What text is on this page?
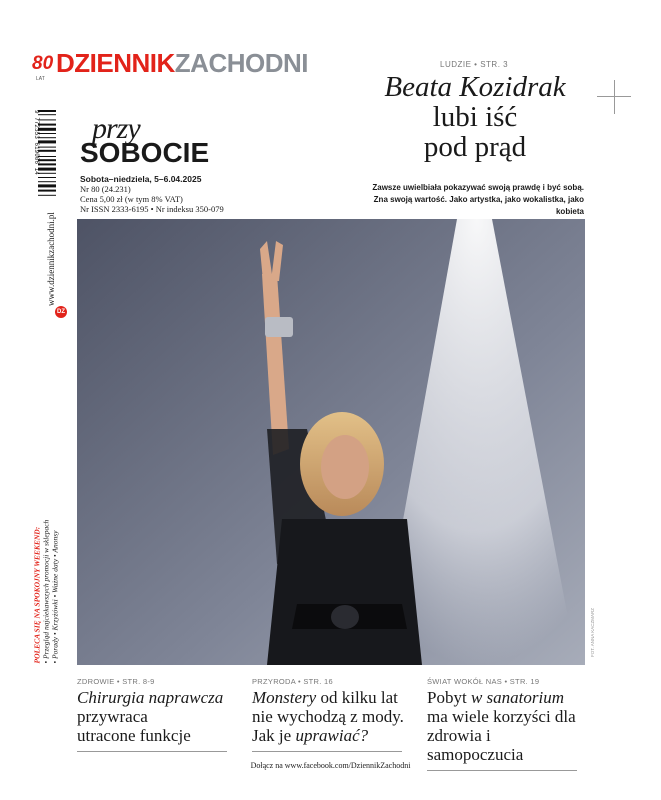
80 DZIENNIKZACHODNI
LAT
LUDZIE • STR. 3
Beata Kozidrak
lubi iść
pod prąd
Zawsze uwielbiała pokazywać swoją prawdę i być sobą.
Zna swoją wartość. Jako artystka, jako wokalistka, jako kobieta
przy
SOBOCIE
Sobota–niedziela, 5–6.04.2025
Nr 80 (24.231)
Cena 5,00 zł (w tym 8% VAT)
Nr ISSN 2333-6195 • Nr indeksu 350-079
9 772353 619006 14
www.dziennikzachodni.pl
DZ
POLECA SIĘ NA SPOKOJNY WEEKEND: • Przegląd najciekawszych promocji w sklepach • Porady • Krzyżówki • Ważne daty • Anonsy	FOT. ANNA KACZMARZ
ZDROWIE • STR. 8-9
Chirurgia naprawcza
przywraca
utracone funkcje
PRZYRODA • STR. 16
Monstery od kilku lat
nie wychodzą z mody.
Jak je uprawiać?
ŚWIAT WOKÓŁ NAS • STR. 19
Pobyt w sanatorium
ma wiele korzyści dla
zdrowia i samopoczucia
Dołącz na www.facebook.com/DziennikZachodni
